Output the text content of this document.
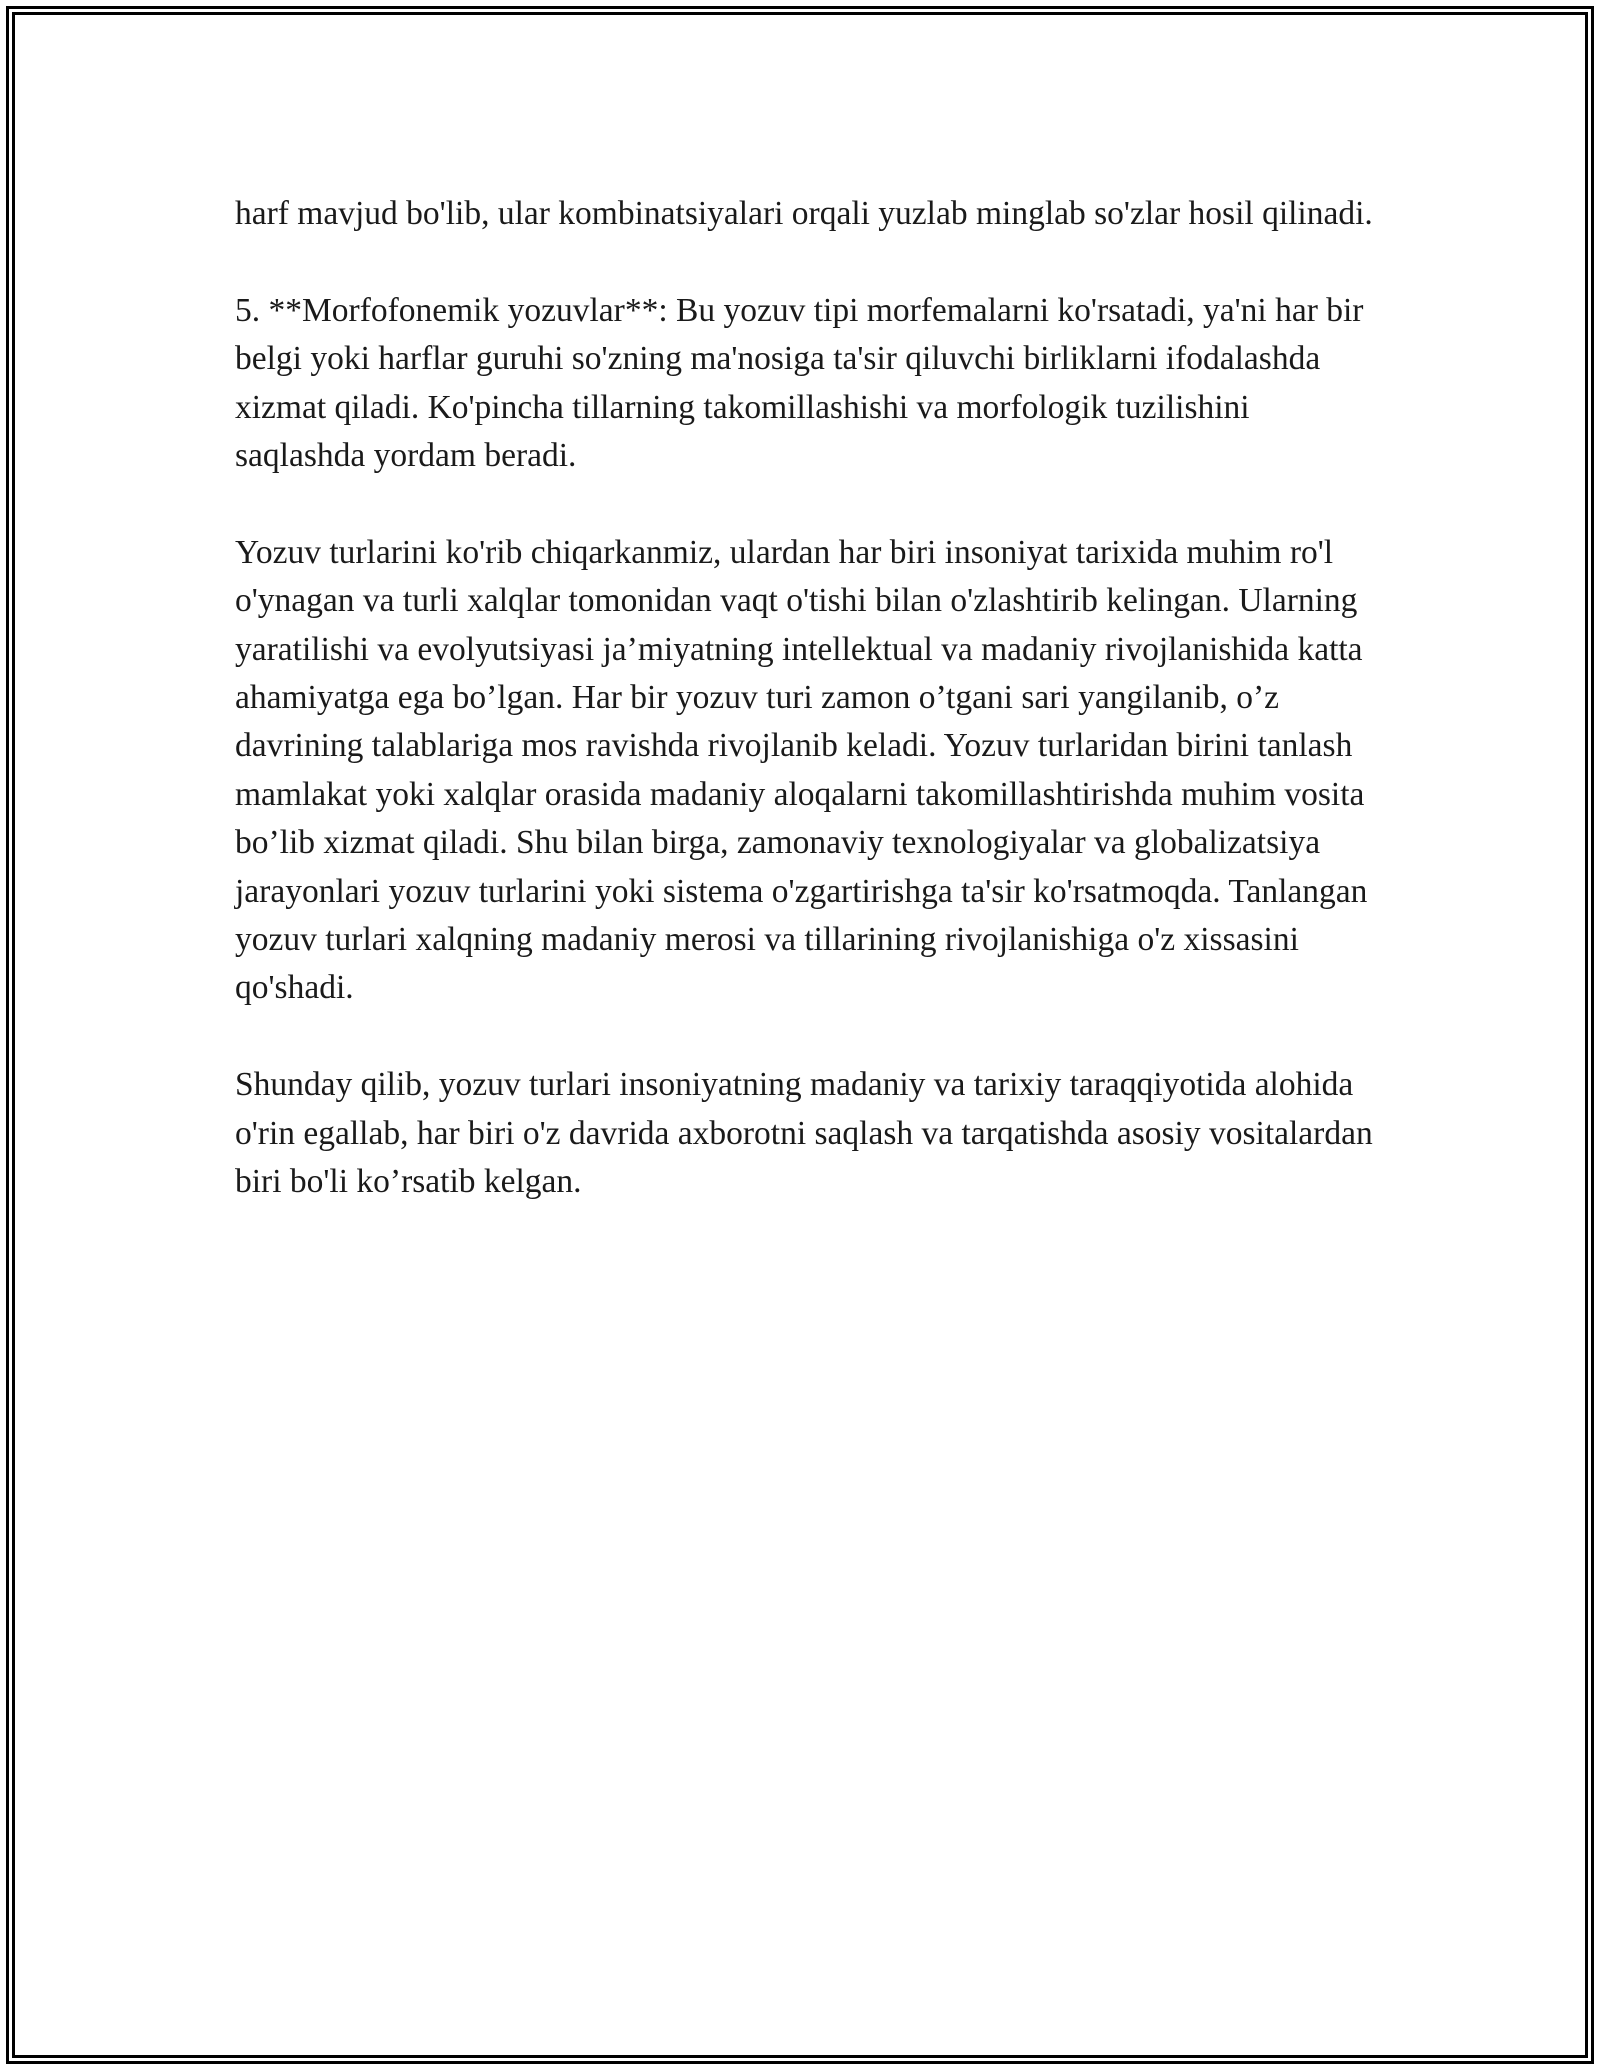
harf mavjud bo'lib, ular kombinatsiyalari orqali yuzlab minglab so'zlar hosil qilinadi.

5. **Morfofonemik yozuvlar**: Bu yozuv tipi morfemalarni ko'rsatadi, ya'ni har bir belgi yoki harflar guruhi so'zning ma'nosiga ta'sir qiluvchi birliklarni ifodalashda xizmat qiladi. Ko'pincha tillarning takomillashishi va morfologik tuzilishini saqlashda yordam beradi.

Yozuv turlarini ko'rib chiqarkanmiz, ulardan har biri insoniyat tarixida muhim ro'l o'ynagan va turli xalqlar tomonidan vaqt o'tishi bilan o'zlashtirib kelingan. Ularning yaratilishi va evolyutsiyasi ja’miyatning intellektual va madaniy rivojlanishida katta ahamiyatga ega bo’lgan. Har bir yozuv turi zamon o’tgani sari yangilanib, o’z davrining talablariga mos ravishda rivojlanib keladi. Yozuv turlaridan birini tanlash mamlakat yoki xalqlar orasida madaniy aloqalarni takomillashtirishda muhim vosita bo’lib xizmat qiladi. Shu bilan birga, zamonaviy texnologiyalar va globalizatsiya jarayonlari yozuv turlarini yoki sistema o'zgartirishga ta'sir ko'rsatmoqda. Tanlangan yozuv turlari xalqning madaniy merosi va tillarining rivojlanishiga o'z xissasini qo'shadi.

Shunday qilib, yozuv turlari insoniyatning madaniy va tarixiy taraqqiyotida alohida o'rin egallab, har biri o'z davrida axborotni saqlash va tarqatishda asosiy vositalardan biri bo'li ko’rsatib kelgan.
